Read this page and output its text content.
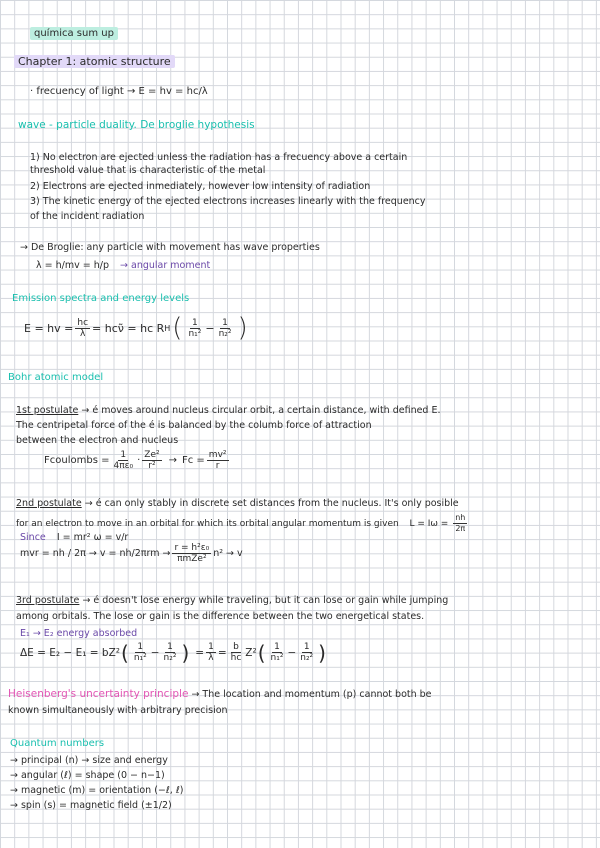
química sum up
Chapter 1: atomic structure
· frecuency of light → E = hv = hc/λ
wave - particle duality. De broglie hypothesis
1) No electron are ejected unless the radiation has a frecuency above a certain
threshold value that is characteristic of the metal
2) Electrons are ejected inmediately, however low intensity of radiation
3) The kinetic energy of the ejected electrons increases linearly with the frequency
of the incident radiation
→ De Broglie: any particle with movement has wave properties
λ = h/mv = h/p → angular moment
Emission spectra and energy levels
E = hv = $\frac{hc}{\lambda}$ = hcν̃ = hc R H ( $\frac{1}{\text{n₁²}} - \frac{1}{\text{n₂²}}$ )
Bohr atomic model
1st postulate → é moves around nucleus circular orbit, a certain distance, with defined E.
The centripetal force of the é is balanced by the columb force of attraction
between the electron and nucleus
Fcoulombs = $\frac{1}{\text{4πε₀}} \cdot \frac{\text{Ze²}}{\text{r²}} \to Fc = \frac{\text{mv²}}{r}$
2nd postulate → é can only stably in discrete set distances from the nucleus. It's only posible
for an electron to move in an orbital for which its orbital angular momentum is given $L = I\omega = \frac{nh}{2\pi}$
Since I = mr² ω = v/r
mvr = nh / $2\pi \to v = nh/2\pi rm \to \frac{\text{r = h²ε₀}}{\text{πmZe²}} n^2 \to v$
3rd postulate → é doesn't lose energy while traveling, but it can lose or gain while jumping
among orbitals. The lose or gain is the difference between the two energetical states.
E₁ → E₂ energy absorbed
ΔE = E₂ − E₁ = bZ² ( $\frac{1}{\text{n₁²}} - \frac{1}{\text{n₂²}}$ ) = $\frac{1}{\lambda} = \frac{b}{hc} Z^2$ ( $\frac{1}{\text{n₁²}} - \frac{1}{\text{n₂²}}$ )
Heisenberg's uncertainty principle → The location and momentum (p) cannot both be
known simultaneously with arbitrary precision
Quantum numbers
→ principal (n) → size and energy
→ angular (ℓ) = shape (0 − n−1)
→ magnetic (m) = orientation (−ℓ, ℓ)
→ spin (s) = magnetic field (±1/2)
